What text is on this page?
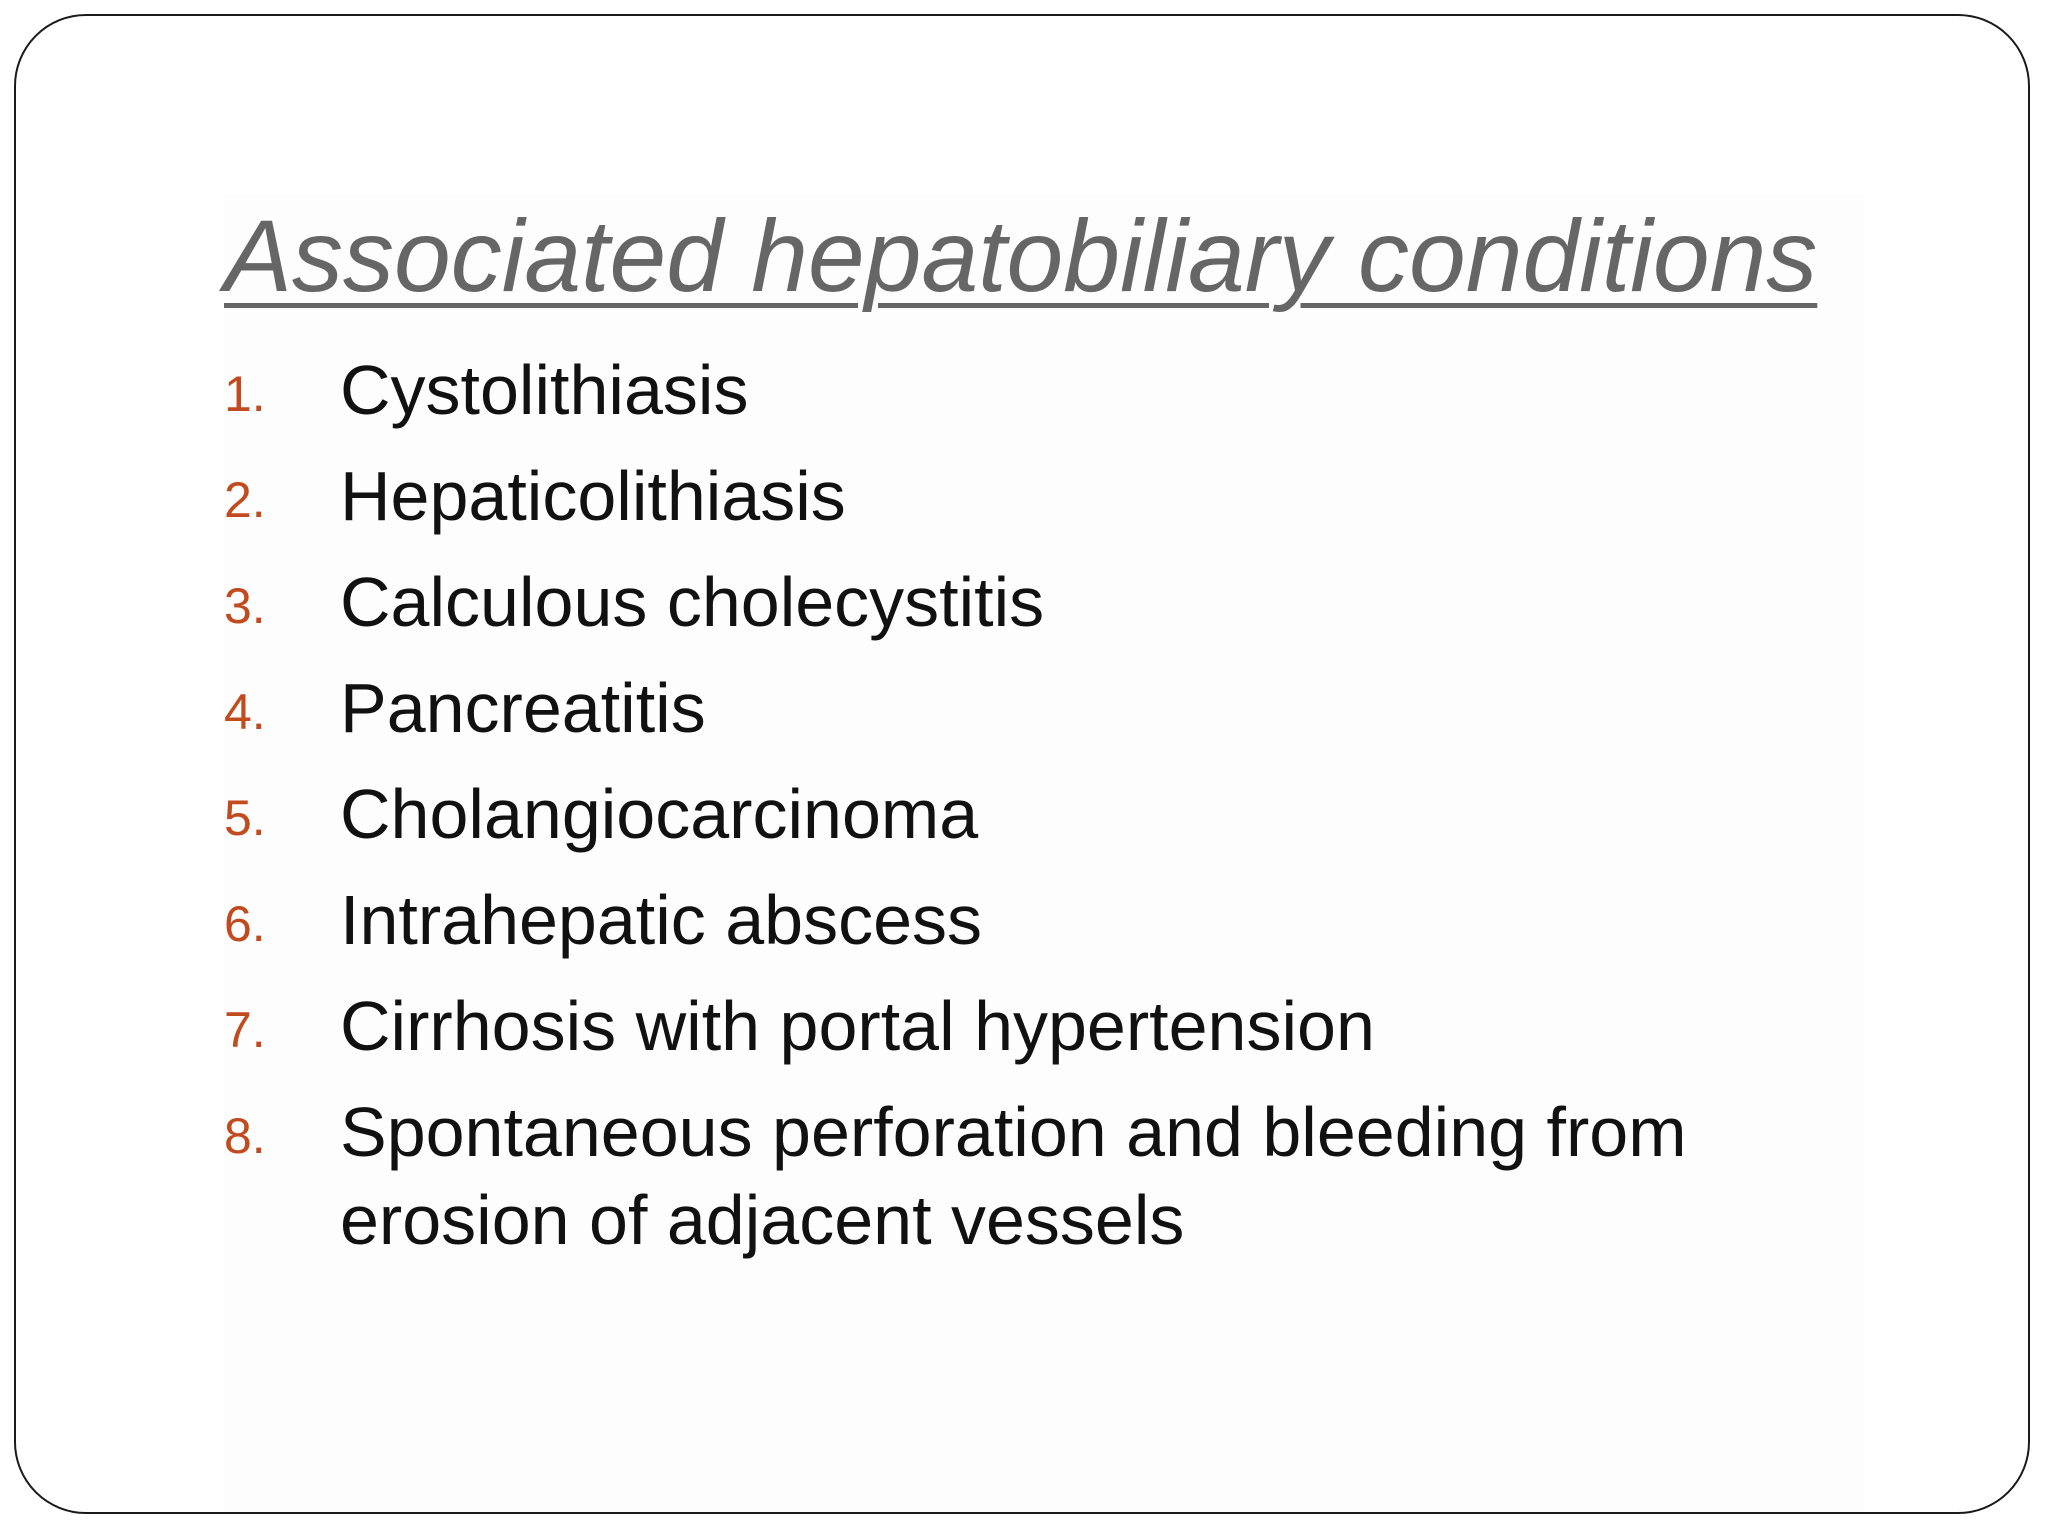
Associated hepatobiliary conditions
1. Cystolithiasis
2. Hepaticolithiasis
3. Calculous cholecystitis
4. Pancreatitis
5. Cholangiocarcinoma
6. Intrahepatic abscess
7. Cirrhosis with portal hypertension
8. Spontaneous perforation and bleeding from erosion of adjacent vessels
